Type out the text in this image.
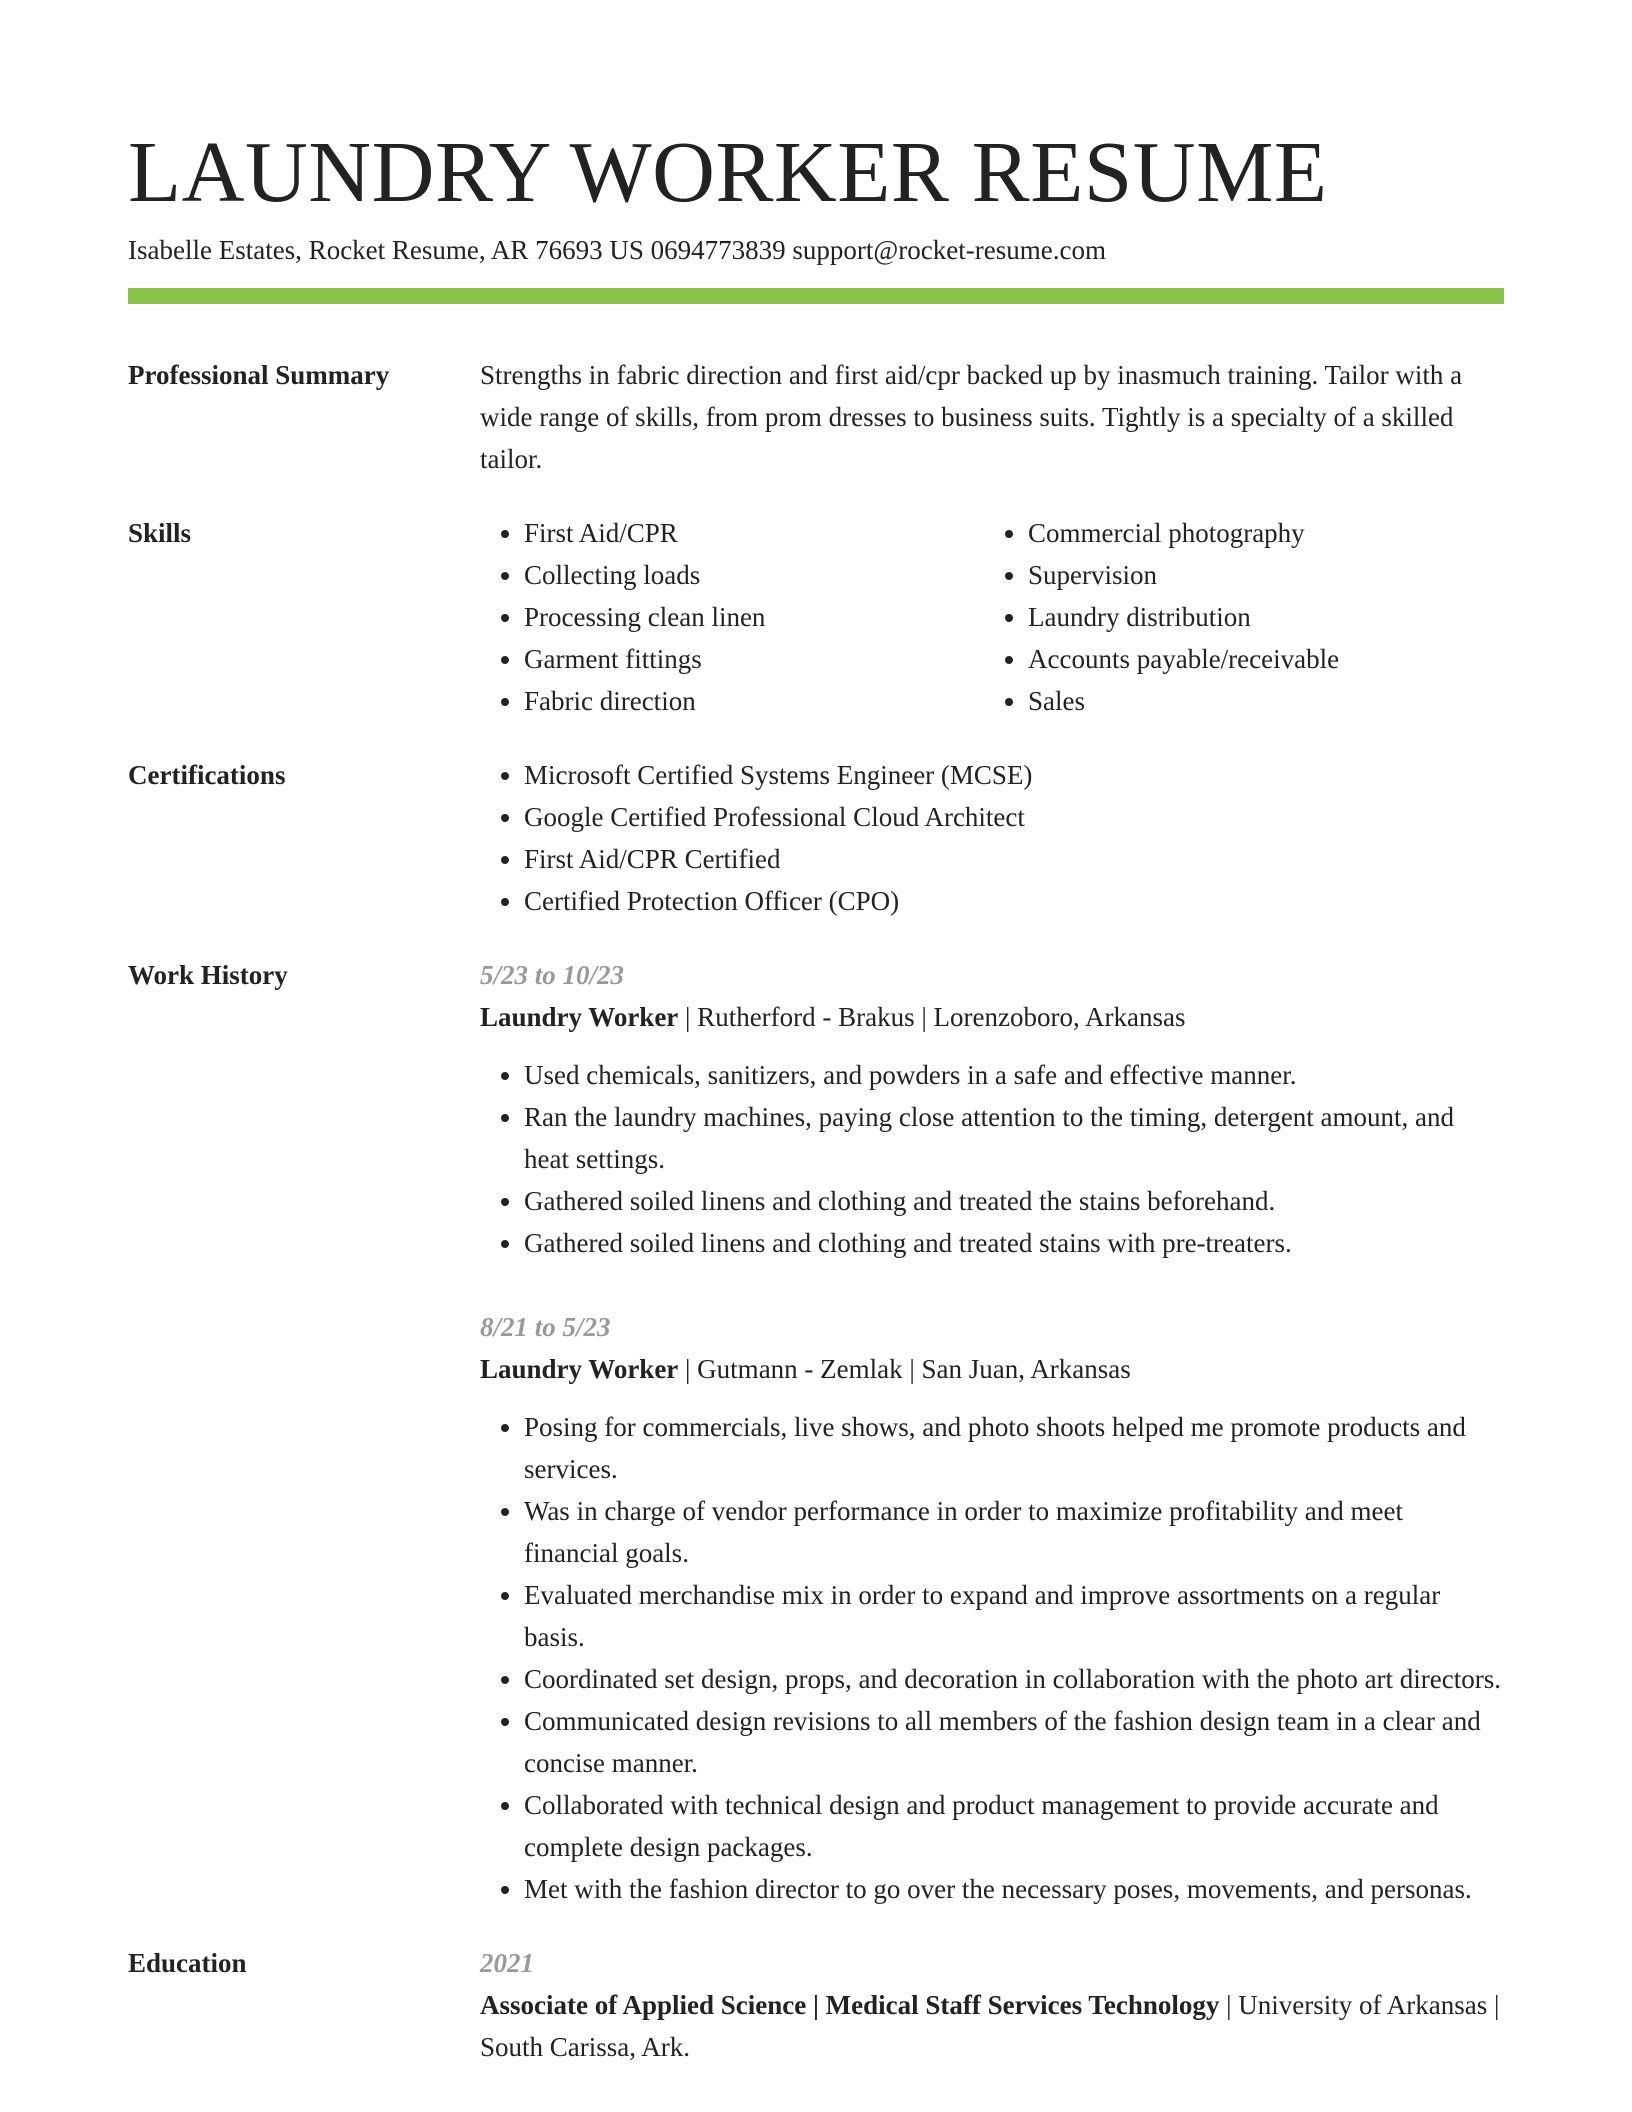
LAUNDRY WORKER RESUME
Isabelle Estates, Rocket Resume, AR 76693 US 0694773839 support@rocket-resume.com
Professional Summary	Strengths in fabric direction and first aid/cpr backed up by inasmuch training. Tailor with a wide range of skills, from prom dresses to business suits. Tightly is a specialty of a skilled tailor.

Skills	• First Aid/CPR
• Collecting loads
• Processing clean linen
• Garment fittings
• Fabric direction
• Commercial photography
• Supervision
• Laundry distribution
• Accounts payable/receivable
• Sales
Certifications	• Microsoft Certified Systems Engineer (MCSE)
• Google Certified Professional Cloud Architect
• First Aid/CPR Certified
• Certified Protection Officer (CPO)
Work History	5/23 to 10/23
Laundry Worker | Rutherford - Brakus | Lorenzoboro, Arkansas
• Used chemicals, sanitizers, and powders in a safe and effective manner.
• Ran the laundry machines, paying close attention to the timing, detergent amount, and heat settings.
• Gathered soiled linens and clothing and treated the stains beforehand.
• Gathered soiled linens and clothing and treated stains with pre-treaters.
8/21 to 5/23
Laundry Worker | Gutmann - Zemlak | San Juan, Arkansas
• Posing for commercials, live shows, and photo shoots helped me promote products and services.
• Was in charge of vendor performance in order to maximize profitability and meet financial goals.
• Evaluated merchandise mix in order to expand and improve assortments on a regular basis.
• Coordinated set design, props, and decoration in collaboration with the photo art directors.
• Communicated design revisions to all members of the fashion design team in a clear and concise manner.
• Collaborated with technical design and product management to provide accurate and complete design packages.
• Met with the fashion director to go over the necessary poses, movements, and personas.
Education	2021
Associate of Applied Science | Medical Staff Services Technology | University of Arkansas | South Carissa, Ark.
